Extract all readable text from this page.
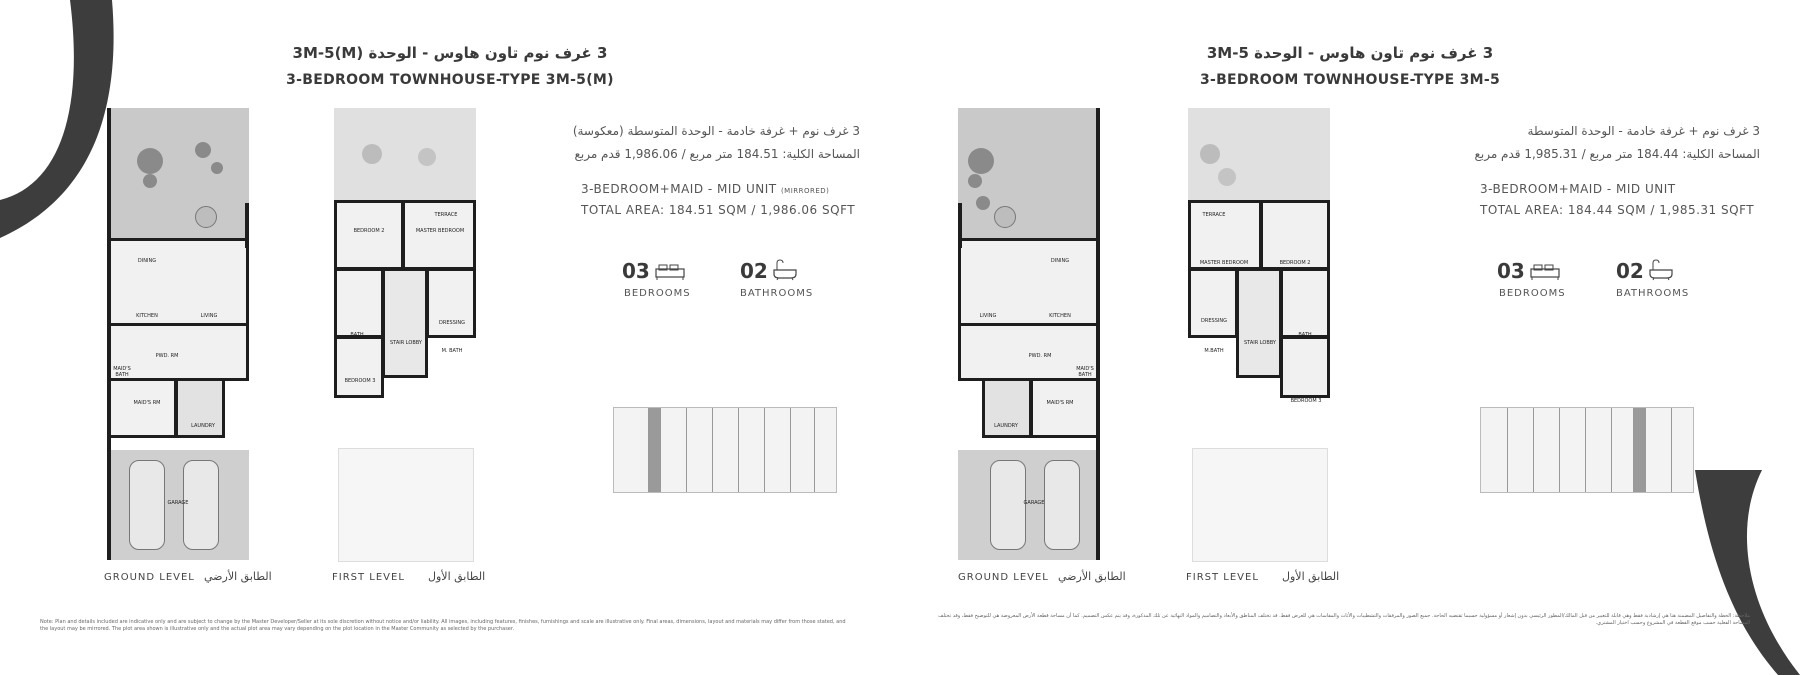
3 غرف نوم تاون هاوس - الوحدة 3M-5(M)
3-BEDROOM TOWNHOUSE-TYPE 3M-5(M)
DINING
LIVING
KITCHEN
MAID'S BATH
PWD. RM
MAID'S RM
LAUNDRY
GARAGE
TERRACE
BEDROOM 2	MASTER BEDROOM
BATH
DRESSING
STAIR LOBBY
M. BATH
BEDROOM 3
GROUND LEVEL الطابق الأرضي	FIRST LEVEL الطابق الأول
3 غرف نوم + غرفة خادمة - الوحدة المتوسطة (معكوسة)
المساحة الكلية: 184.51 متر مربع / 1,986.06 قدم مربع
3-BEDROOM+MAID - MID UNIT (MIRRORED)
TOTAL AREA: 184.51 SQM / 1,986.06 SQFT
03
BEDROOMS
02
BATHROOMS
Note: Plan and details included are indicative only and are subject to change by the Master Developer/Seller at its sole discretion without notice and/or liability. All images, including features, finishes, furnishings and scale are illustrative only. Final areas, dimensions, layout and materials may differ from those stated, and the layout may be mirrored. The plot area shown is illustrative only and the actual plot area may vary depending on the plot location in the Master Community as selected by the purchaser.
3 غرف نوم تاون هاوس - الوحدة 3M-5
3-BEDROOM TOWNHOUSE-TYPE 3M-5
DINING
LIVING	KITCHEN
MAID'S BATH
PWD. RM
MAID'S RM
LAUNDRY
GARAGE
TERRACE
MASTER BEDROOM	BEDROOM 2
DRESSING
BATH
STAIR LOBBY
M.BATH
BEDROOM 3
GROUND LEVEL الطابق الأرضي	FIRST LEVEL الطابق الأول
3 غرف نوم + غرفة خادمة - الوحدة المتوسطة
المساحة الكلية: 184.44 متر مربع / 1,985.31 قدم مربع
3-BEDROOM+MAID - MID UNIT
TOTAL AREA: 184.44 SQM / 1,985.31 SQFT
03
BEDROOMS
02
BATHROOMS
ملاحظة: الخطة والتفاصيل المضمنة هنا هي إرشادية فقط وهي قابلة للتغيير من قبل المالك/المطور الرئيسي بدون إشعار أو مسؤولية حسبما تقتضيه الحاجة. جميع الصور والمرفقات والتشطيبات والأثاث والمقاسات هي للعرض فقط. قد تختلف المناطق والأبعاد والتصاميم والمواد النهائية عن تلك المذكورة، وقد يتم عكس التصميم. كما أن مساحة قطعة الأرض المعروضة هي للتوضيح فقط، وقد تختلف المساحة الفعلية حسب موقع القطعة في المشروع وحسب اختيار المشتري.
